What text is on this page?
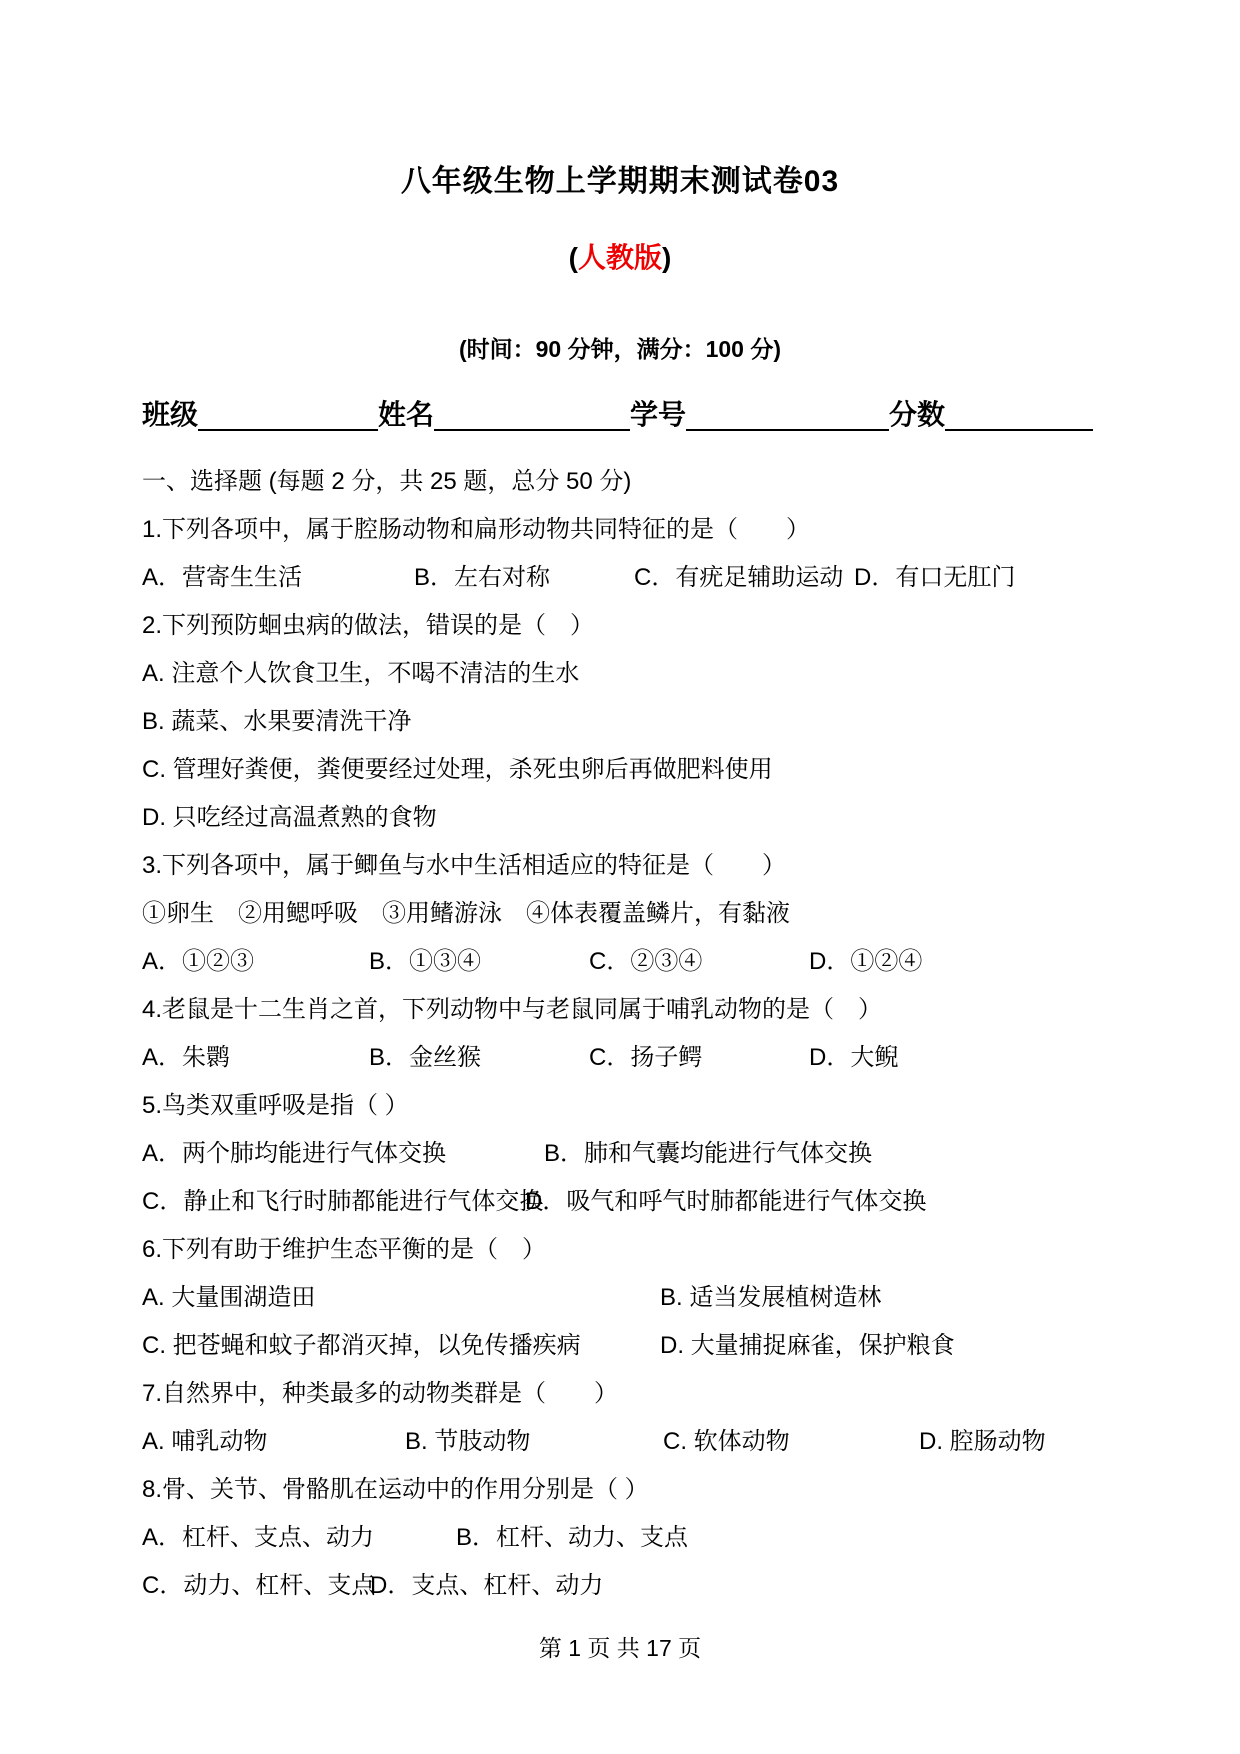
八年级生物上学期期末测试卷03
(人教版)
(时间：90 分钟，满分：100 分)
班级	姓名	学号	分数
一、选择题 (每题 2 分，共 25 题，总分 50 分)
1.下列各项中，属于腔肠动物和扁形动物共同特征的是（　　）
A．营寄生生活	B．左右对称	C．有疣足辅助运动 D．有口无肛门
2.下列预防蛔虫病的做法，错误的是（　）
A. 注意个人饮食卫生，不喝不清洁的生水
B. 蔬菜、水果要清洗干净
C. 管理好粪便，粪便要经过处理，杀死虫卵后再做肥料使用
D. 只吃经过高温煮熟的食物
3.下列各项中，属于鲫鱼与水中生活相适应的特征是（　　）
①卵生　②用鳃呼吸　③用鳍游泳　④体表覆盖鳞片，有黏液
A．①②③	B．①③④	C．②③④	D．①②④
4.老鼠是十二生肖之首，下列动物中与老鼠同属于哺乳动物的是（　）
A．朱鹮	B．金丝猴	C．扬子鳄	D．大鲵
5.鸟类双重呼吸是指（ ）
A．两个肺均能进行气体交换	B．肺和气囊均能进行气体交换
C．静止和飞行时肺都能进行气体交换
D．吸气和呼气时肺都能进行气体交换
6.下列有助于维护生态平衡的是（　）
A. 大量围湖造田	B. 适当发展植树造林
C. 把苍蝇和蚊子都消灭掉，以免传播疾病	D. 大量捕捉麻雀，保护粮食
7.自然界中，种类最多的动物类群是（　　）
A. 哺乳动物	B. 节肢动物	C. 软体动物	D. 腔肠动物
8.骨、关节、骨骼肌在运动中的作用分别是（ ）
A．杠杆、支点、动力	B．杠杆、动力、支点
C．动力、杠杆、支点
D．支点、杠杆、动力
第 1 页 共 17 页
